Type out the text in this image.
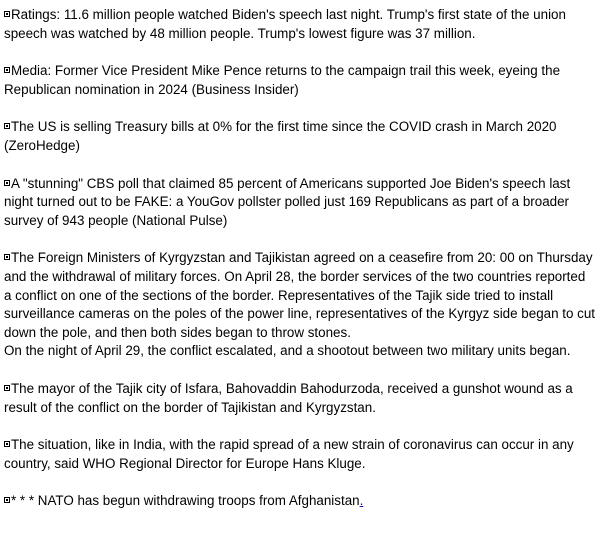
Ratings: 11.6 million people watched Biden's speech last night. Trump's first state of the union speech was watched by 48 million people. Trump's lowest figure was 37 million.

Media: Former Vice President Mike Pence returns to the campaign trail this week, eyeing the Republican nomination in 2024 (Business Insider)

The US is selling Treasury bills at 0% for the first time since the COVID crash in March 2020 (ZeroHedge)

A "stunning" CBS poll that claimed 85 percent of Americans supported Joe Biden's speech last night turned out to be FAKE: a YouGov pollster polled just 169 Republicans as part of a broader survey of 943 people (National Pulse)

The Foreign Ministers of Kyrgyzstan and Tajikistan agreed on a ceasefire from 20: 00 on Thursday and the withdrawal of military forces. On April 28, the border services of the two countries reported a conflict on one of the sections of the border. Representatives of the Tajik side tried to install surveillance cameras on the poles of the power line, representatives of the Kyrgyz side began to cut down the pole, and then both sides began to throw stones.

On the night of April 29, the conflict escalated, and a shootout between two military units began.

The mayor of the Tajik city of Isfara, Bahovaddin Bahodurzoda, received a gunshot wound as a result of the conflict on the border of Tajikistan and Kyrgyzstan.

The situation, like in India, with the rapid spread of a new strain of coronavirus can occur in any country, said WHO Regional Director for Europe Hans Kluge.

* * * NATO has begun withdrawing troops from Afghanistan.
